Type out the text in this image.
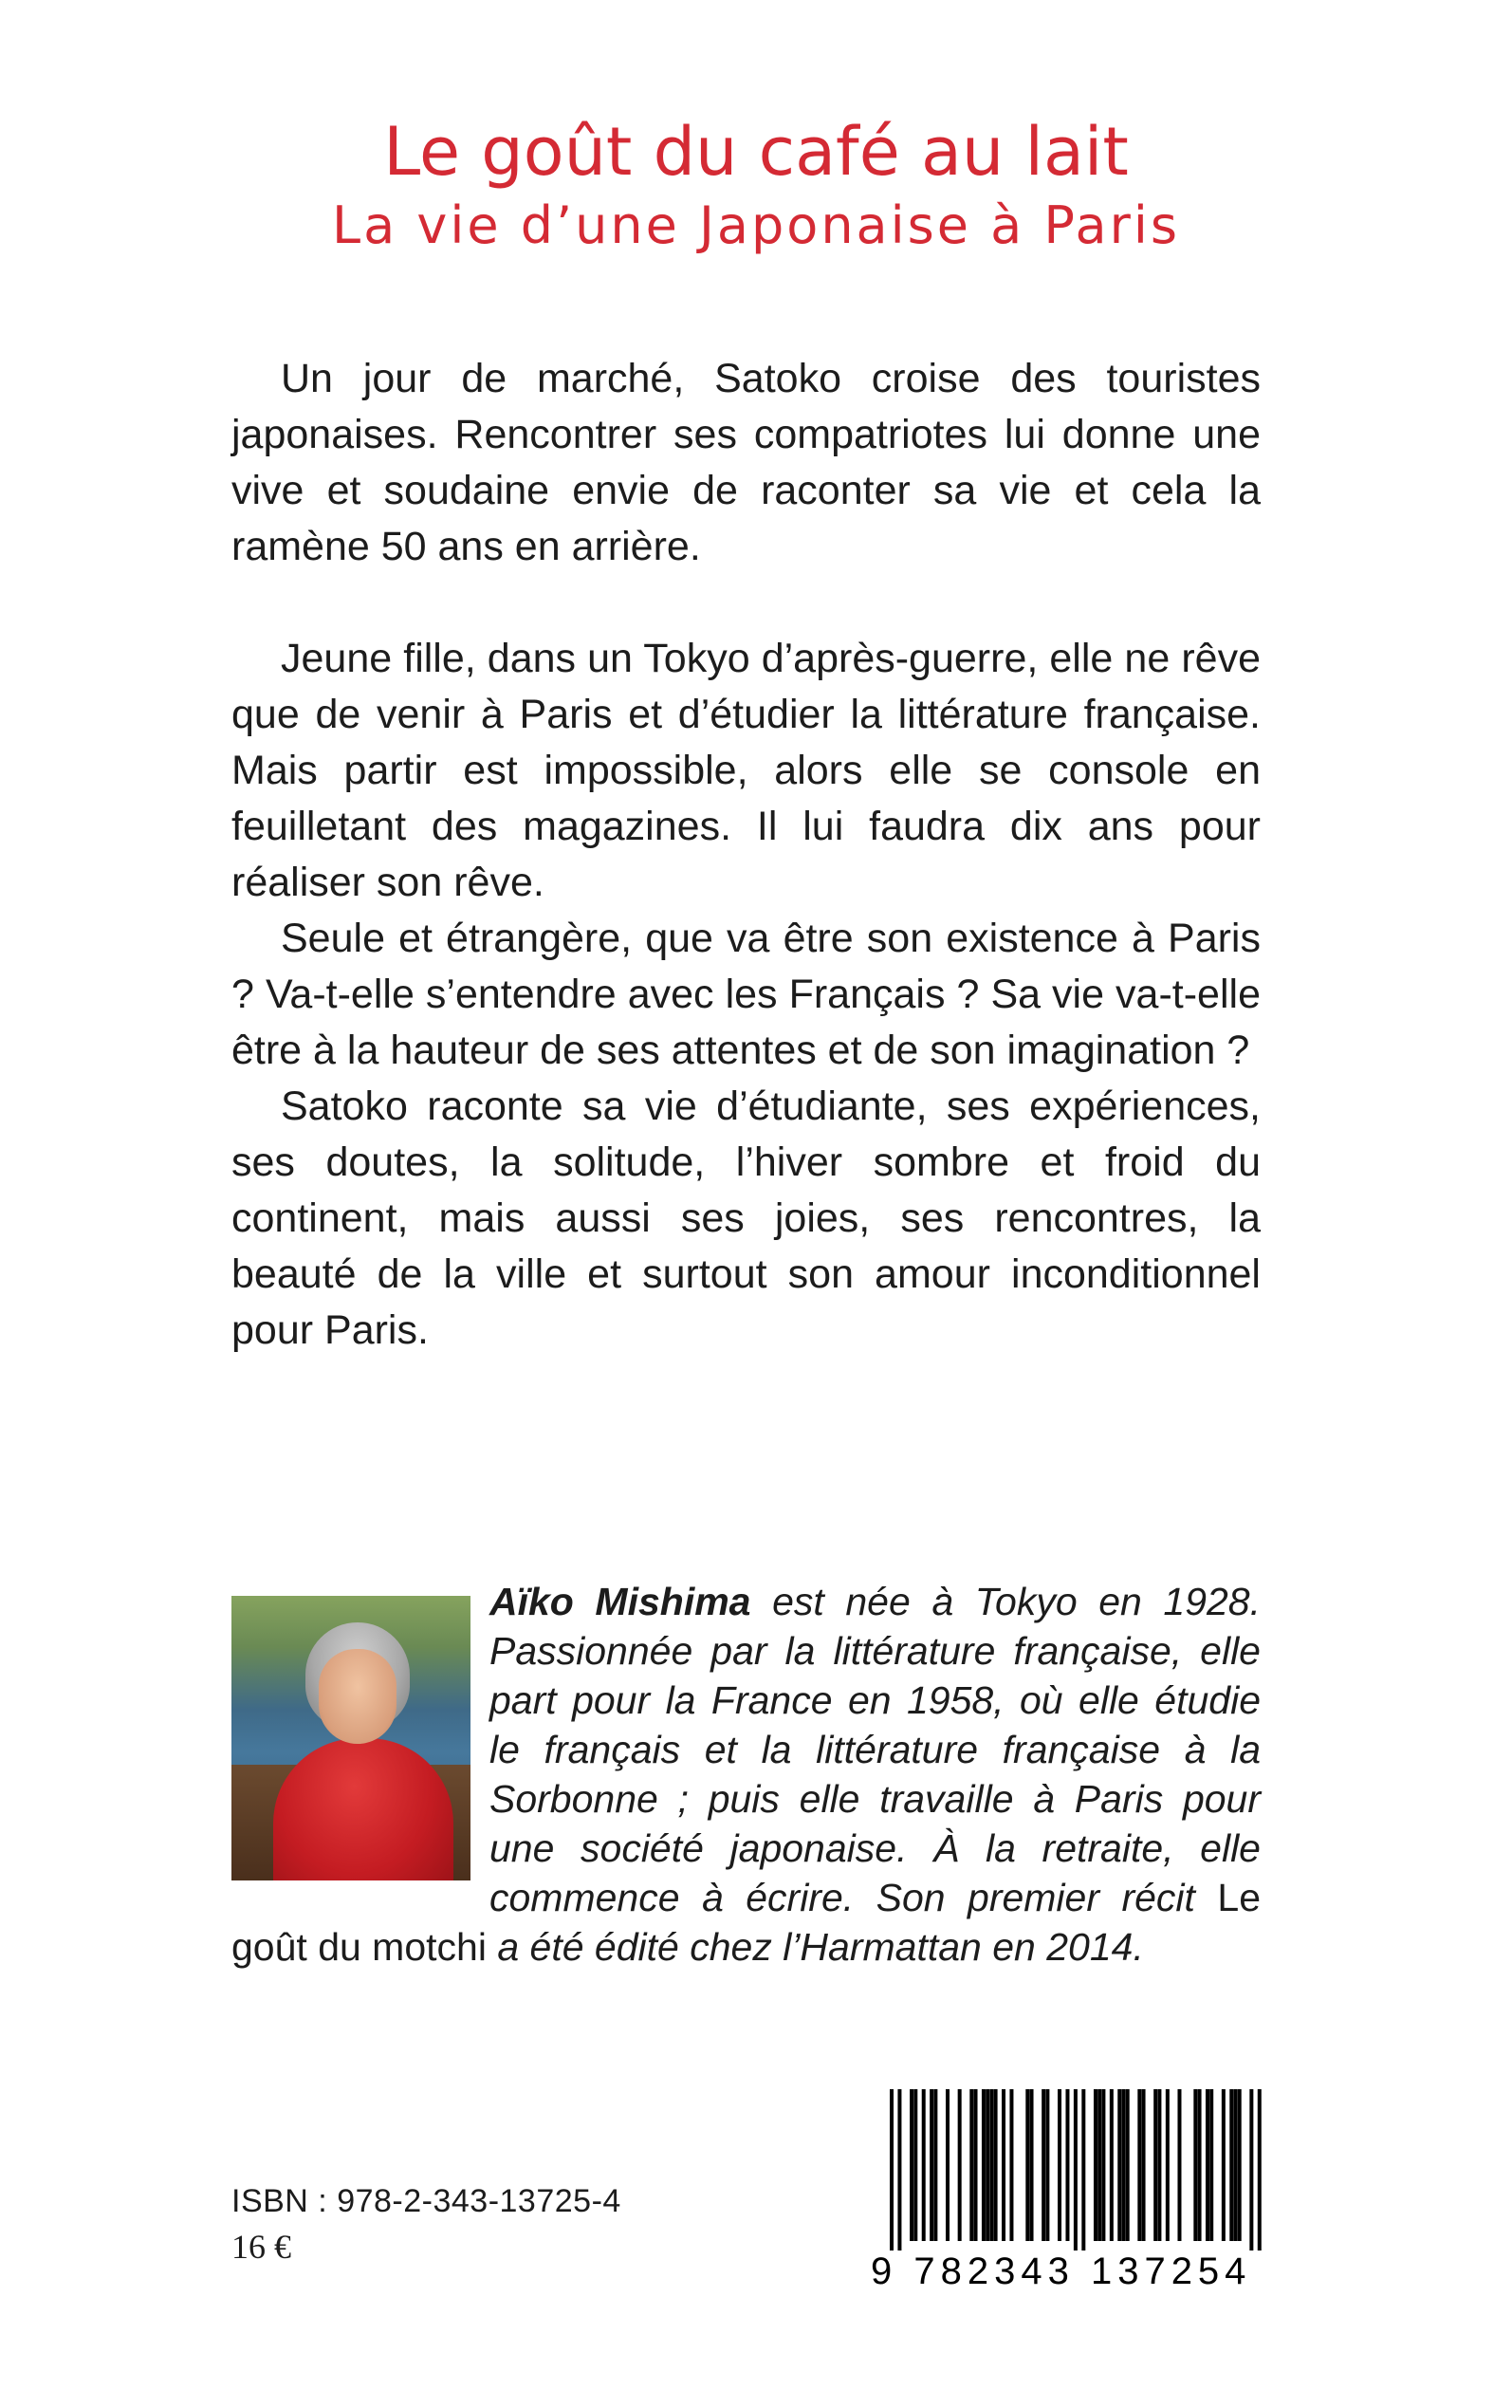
Le goût du café au lait
La vie d’une Japonaise à Paris

Un jour de marché, Satoko croise des touristes japonaises. Rencontrer ses compatriotes lui donne une vive et soudaine envie de raconter sa vie et cela la ramène 50 ans en arrière.

Jeune fille, dans un Tokyo d’après-guerre, elle ne rêve que de venir à Paris et d’étudier la littérature française. Mais partir est impossible, alors elle se console en feuilletant des magazines. Il lui faudra dix ans pour réaliser son rêve.

Seule et étrangère, que va être son existence à Paris ? Va-t-elle s’entendre avec les Français ? Sa vie va-t-elle être à la hauteur de ses attentes et de son imagination ?

Satoko raconte sa vie d’étudiante, ses expériences, ses doutes, la solitude, l’hiver sombre et froid du continent, mais aussi ses joies, ses rencontres, la beauté de la ville et surtout son amour inconditionnel pour Paris.

Aïko Mishima est née à Tokyo en 1928. Passionnée par la littérature française, elle part pour la France en 1958, où elle étudie le français et la littérature française à la Sorbonne ; puis elle travaille à Paris pour une société japonaise. À la retraite, elle commence à écrire. Son premier récit Le goût du motchi a été édité chez l’Harmattan en 2014.
ISBN : 978-2-343-13725-4
16 €
9 782343 137254
